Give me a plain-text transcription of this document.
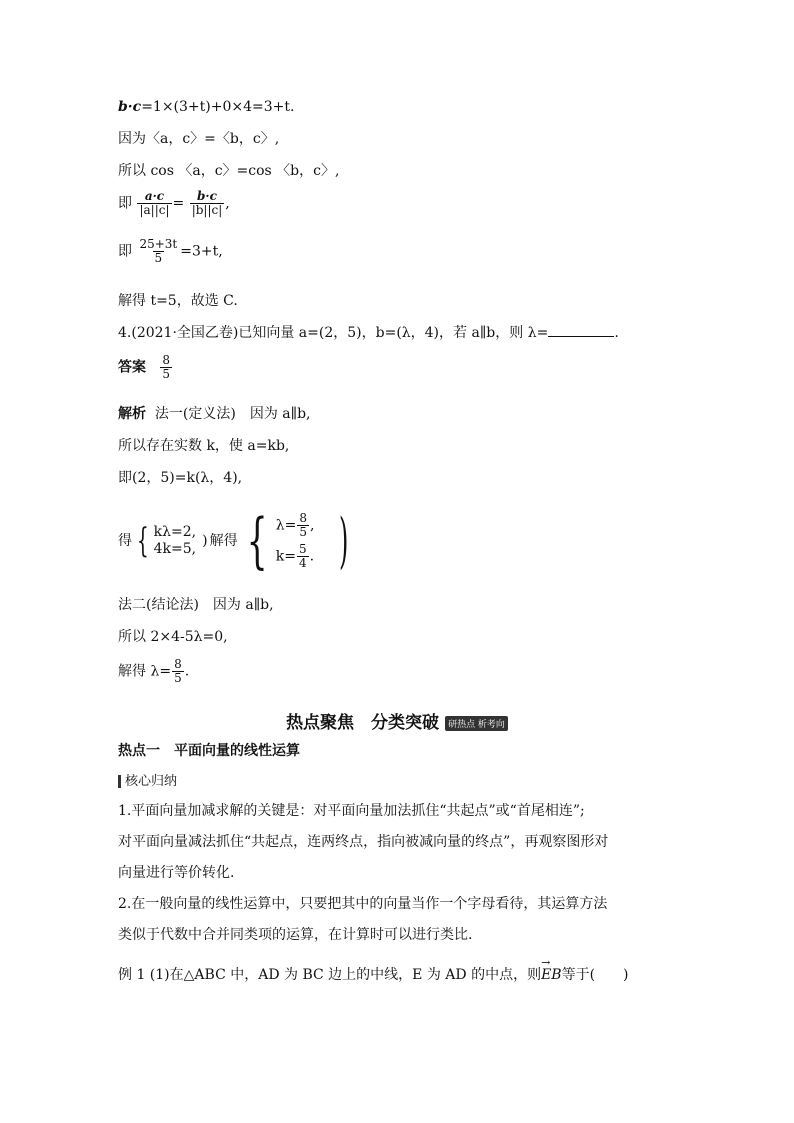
b·c=1×(3+t)+0×4=3+t.
因为〈a，c〉=〈b，c〉,
所以 cos 〈a，c〉=cos 〈b，c〉,
即 $\frac{a\cdot c}{|a||c|} = \frac{b\cdot c}{|b||c|}$ ,
即 $\frac{25+3t}{5} =3+t$,
解得 t=5，故选 C.
4.(2021·全国乙卷)已知向量 a=(2，5)，b=(λ，4)，若 a∥b，则 λ=	.
答案 $\frac{8}{5}$
解析 法一(定义法)　因为 a∥b,
所以存在实数 k，使 a=kb,
即(2，5)=k(λ，4),
得 { kλ=2,
4k=5, ) 解得 { $\lambda= \frac{8}{5}$ ,
$k= \frac{5}{4}$ . )
法二(结论法)　因为 a∥b,
所以 2×4-5λ=0,
解得 $\lambda= \frac{8}{5}$ .
热点聚焦　分类突破 研热点 析考向
热点一　平面向量的线性运算
核心归纳
1.平面向量加减求解的关键是：对平面向量加法抓住“共起点”或“首尾相连”;
对平面向量减法抓住“共起点，连两终点，指向被减向量的终点”，再观察图形对
向量进行等价转化.
2.在一般向量的线性运算中，只要把其中的向量当作一个字母看待，其运算方法
类似于代数中合并同类项的运算，在计算时可以进行类比.
例 1 (1)在△ABC 中，AD 为 BC 边上的中线，E 为 AD 的中点，则→ EB等于(　　)
